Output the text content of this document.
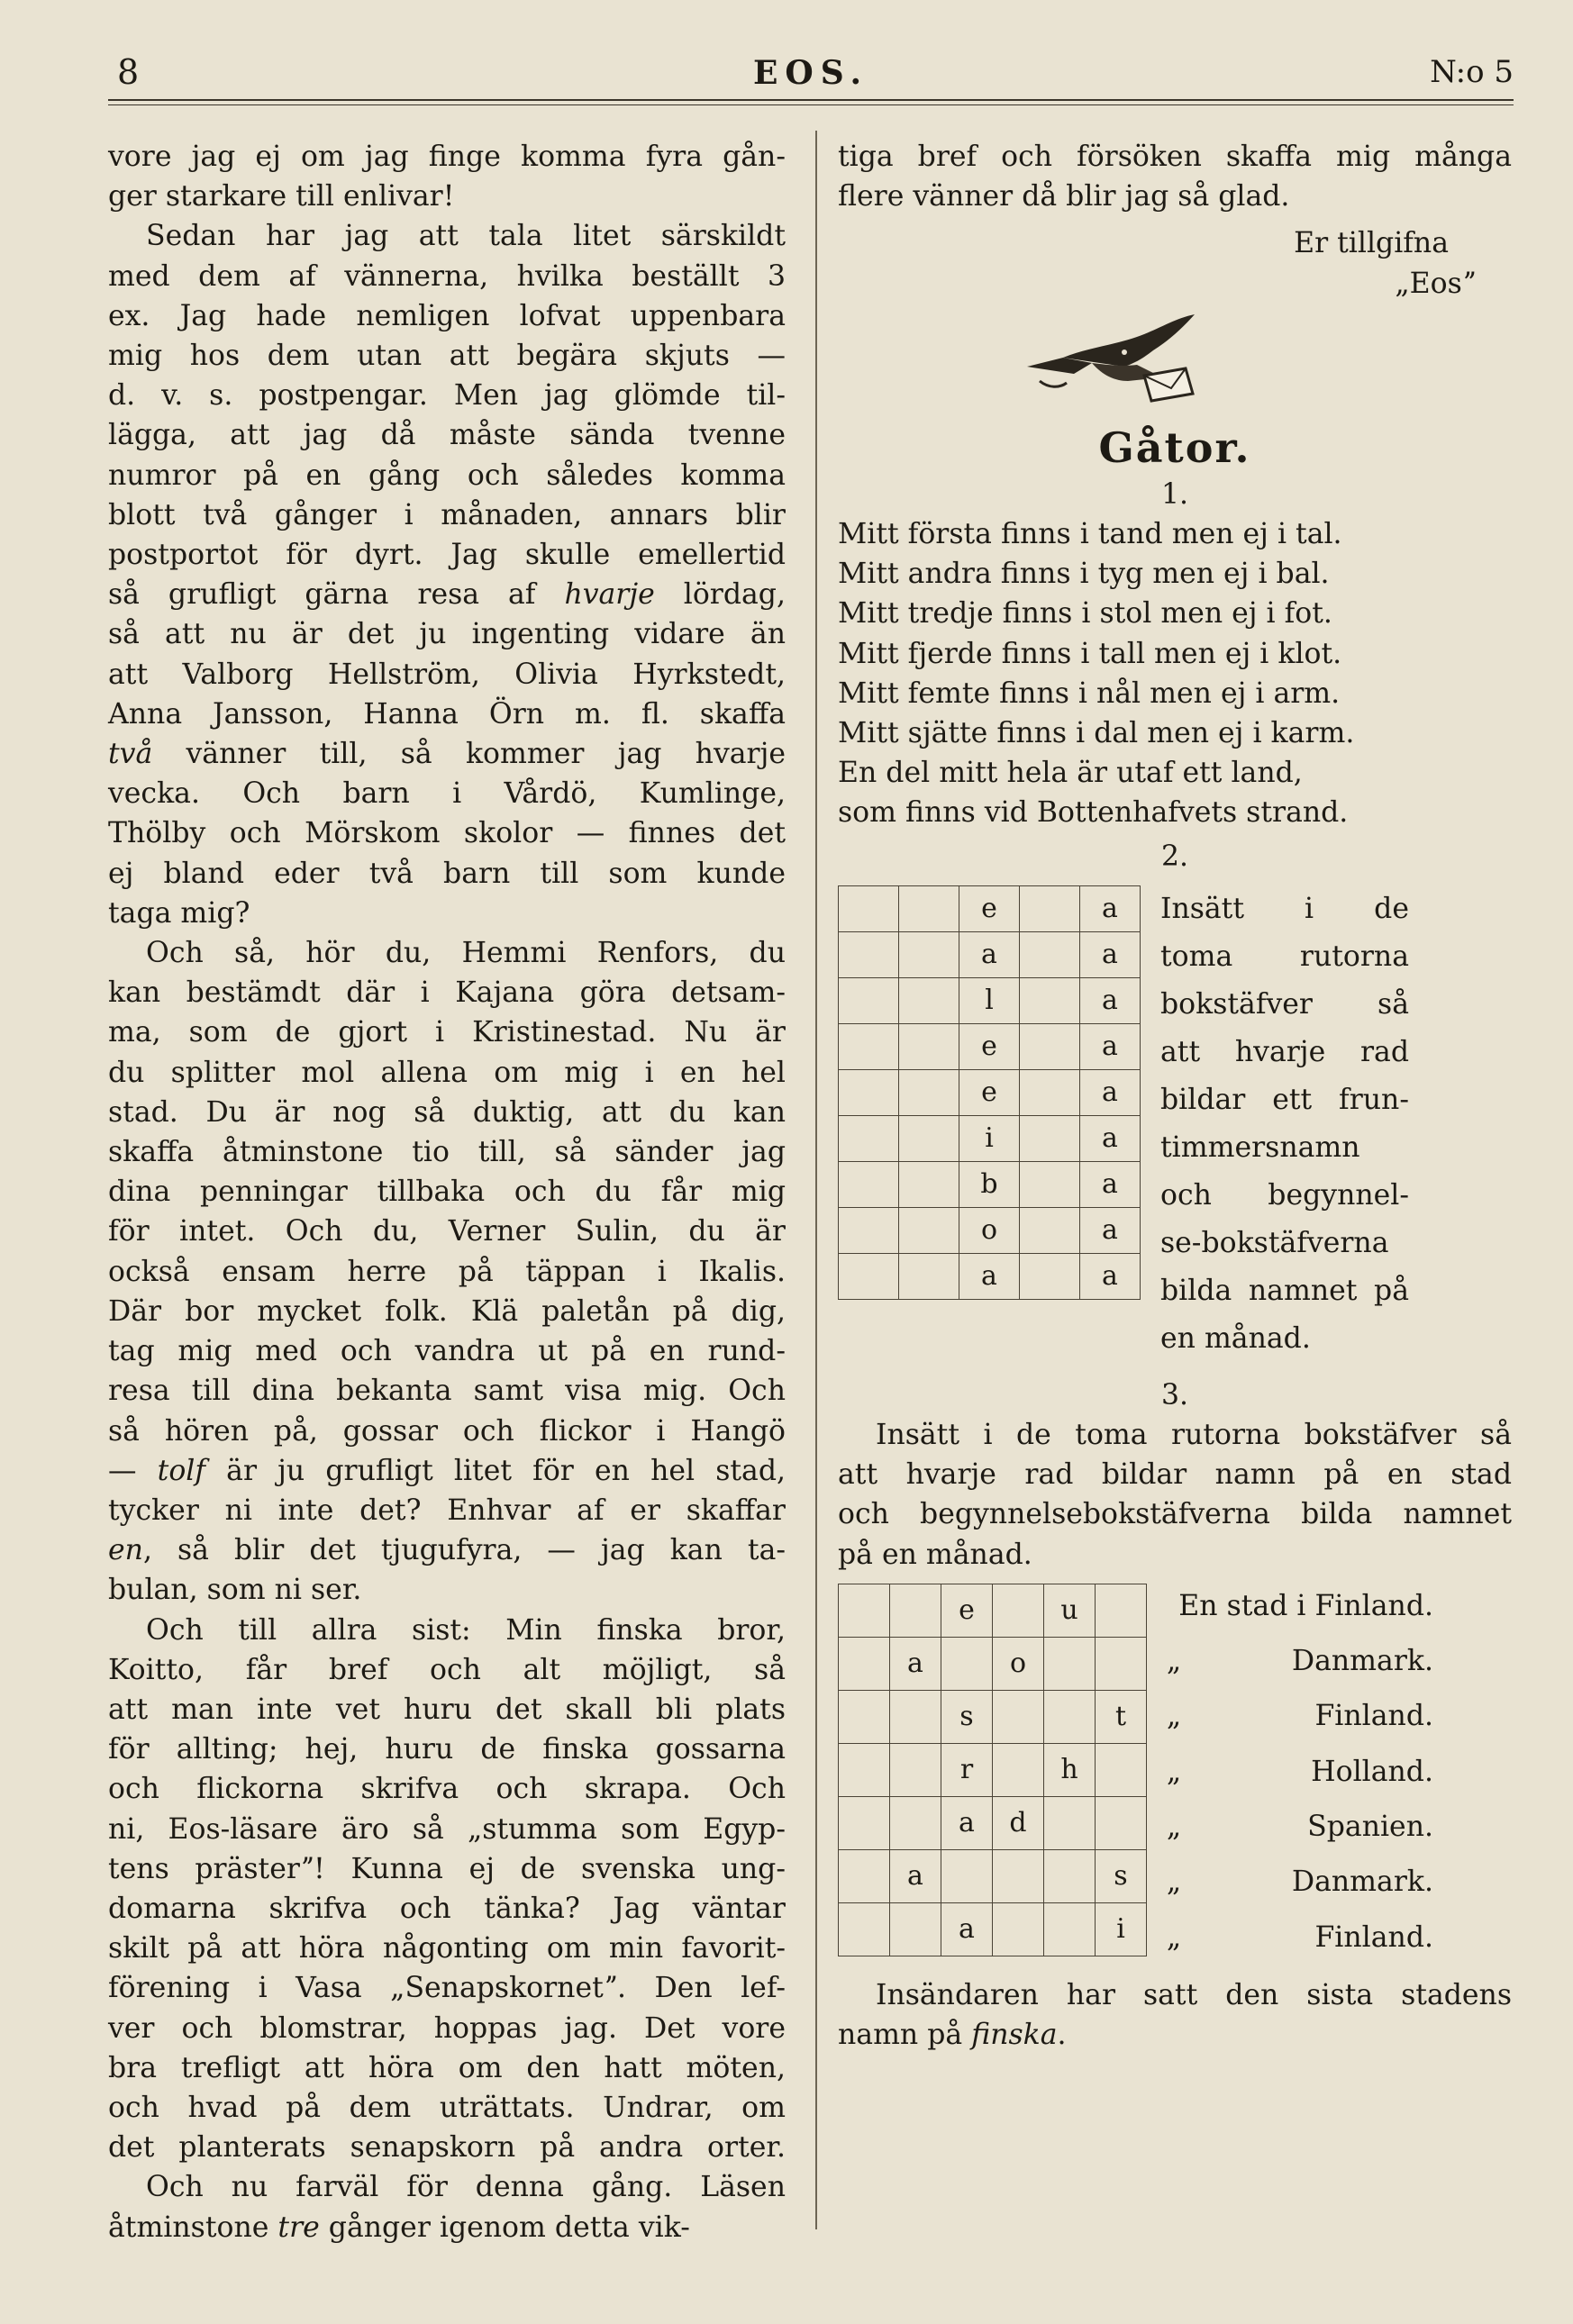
8	EOS.	N:o 5

vore jag ej om jag finge komma fyra gån-

ger starkare till enlivar!

Sedan har jag att tala litet särskildt

med dem af vännerna, hvilka beställt 3

ex. Jag hade nemligen lofvat uppenbara

mig hos dem utan att begära skjuts —

d. v. s. postpengar. Men jag glömde til-

lägga, att jag då måste sända tvenne

numror på en gång och således komma

blott två gånger i månaden, annars blir

postportot för dyrt. Jag skulle emellertid

så grufligt gärna resa af hvarje lördag,

så att nu är det ju ingenting vidare än

att Valborg Hellström, Olivia Hyrkstedt,

Anna Jansson, Hanna Örn m. fl. skaffa

två vänner till, så kommer jag hvarje

vecka. Och barn i Vårdö, Kumlinge,

Thölby och Mörskom skolor — finnes det

ej bland eder två barn till som kunde

taga mig?

Och så, hör du, Hemmi Renfors, du

kan bestämdt där i Kajana göra detsam-

ma, som de gjort i Kristinestad. Nu är

du splitter mol allena om mig i en hel

stad. Du är nog så duktig, att du kan

skaffa åtminstone tio till, så sänder jag

dina penningar tillbaka och du får mig

för intet. Och du, Verner Sulin, du är

också ensam herre på täppan i Ikalis.

Där bor mycket folk. Klä paletån på dig,

tag mig med och vandra ut på en rund-

resa till dina bekanta samt visa mig. Och

så hören på, gossar och flickor i Hangö

— tolf är ju grufligt litet för en hel stad,

tycker ni inte det? Enhvar af er skaffar

en, så blir det tjugufyra, — jag kan ta-

bulan, som ni ser.

Och till allra sist: Min finska bror,

Koitto, får bref och alt möjligt, så

att man inte vet huru det skall bli plats

för allting; hej, huru de finska gossarna

och flickorna skrifva och skrapa. Och

ni, Eos-läsare äro så „stumma som Egyp-

tens prästerˮ! Kunna ej de svenska ung-

domarna skrifva och tänka? Jag väntar

skilt på att höra någonting om min favorit-

förening i Vasa „Senapskornetˮ. Den lef-

ver och blomstrar, hoppas jag. Det vore

bra trefligt att höra om den hatt möten,

och hvad på dem uträttats. Undrar, om

det planterats senapskorn på andra orter.

Och nu farväl för denna gång. Läsen

åtminstone tre gånger igenom detta vik-

tiga bref och försöken skaffa mig många

flere vänner då blir jag så glad.

Er tillgifna

„Eosˮ

Gåtor.

1.

Mitt första finns i tand men ej i tal.

Mitt andra finns i tyg men ej i bal.

Mitt tredje finns i stol men ej i fot.

Mitt fjerde finns i tall men ej i klot.

Mitt femte finns i nål men ej i arm.

Mitt sjätte finns i dal men ej i karm.

En del mitt hela är utaf ett land,

som finns vid Bottenhafvets strand.

2.

		e		a
		a		a
		l		a
		e		a
		e		a
		i		a
		b		a
		o		a
		a		a

Insätt i de

toma rutorna

bokstäfver så

att hvarje rad

bildar ett frun-

timmersnamn

och begynnel-

se-bokstäfverna

bilda namnet på

en månad.

3.

Insätt i de toma rutorna bokstäfver så

att hvarje rad bildar namn på en stad

och begynnelsebokstäfverna bilda namnet

på en månad.

		e		u	
	a		o		
		s			t
		r		h	
		a	d		
	a				s
		a			i
En stad i Finland.
„	Danmark.
„	Finland.
„	Holland.
„	Spanien.
„	Danmark.
„	Finland.

Insändaren har satt den sista stadens

namn på finska.
